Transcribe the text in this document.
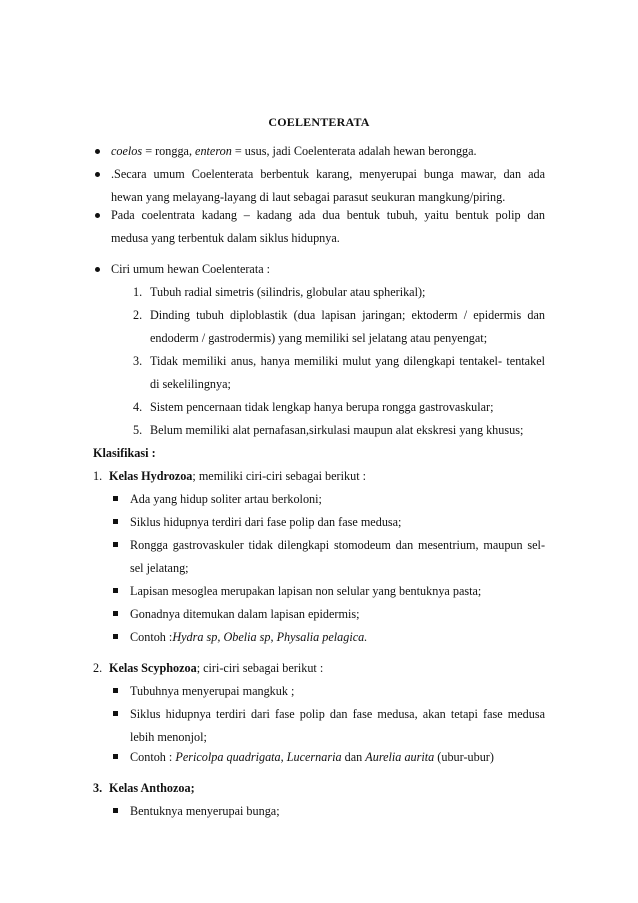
COELENTERATA
coelos = rongga, enteron = usus, jadi Coelenterata adalah hewan berongga.
.Secara umum Coelenterata berbentuk karang, menyerupai bunga mawar, dan ada
hewan yang melayang-layang di laut sebagai parasut seukuran mangkung/piring.
Pada coelentrata kadang – kadang ada dua bentuk tubuh, yaitu bentuk polip dan
medusa yang terbentuk dalam siklus hidupnya.
Ciri umum hewan Coelenterata :
1. Tubuh radial simetris (silindris, globular atau spherikal);
2. Dinding tubuh diploblastik (dua lapisan jaringan; ektoderm / epidermis dan
endoderm / gastrodermis) yang memiliki sel jelatang atau penyengat;
3. Tidak memiliki anus, hanya memiliki mulut yang dilengkapi tentakel- tentakel
di sekelilingnya;
4. Sistem pencernaan tidak lengkap hanya berupa rongga gastrovaskular;
5. Belum memiliki alat pernafasan,sirkulasi maupun alat ekskresi yang khusus;
Klasifikasi :
1. Kelas Hydrozoa; memiliki ciri-ciri sebagai berikut :
Ada yang hidup soliter artau berkoloni;
Siklus hidupnya terdiri dari fase polip dan fase medusa;
Rongga gastrovaskuler tidak dilengkapi stomodeum dan mesentrium, maupun sel-
sel jelatang;
Lapisan mesoglea merupakan lapisan non selular yang bentuknya pasta;
Gonadnya ditemukan dalam lapisan epidermis;
Contoh :Hydra sp, Obelia sp, Physalia pelagica.
2. Kelas Scyphozoa; ciri-ciri sebagai berikut :
Tubuhnya menyerupai mangkuk ;
Siklus hidupnya terdiri dari fase polip dan fase medusa, akan tetapi fase medusa
lebih menonjol;
Contoh : Pericolpa quadrigata, Lucernaria dan Aurelia aurita (ubur-ubur)
3. Kelas Anthozoa;
Bentuknya menyerupai bunga;
